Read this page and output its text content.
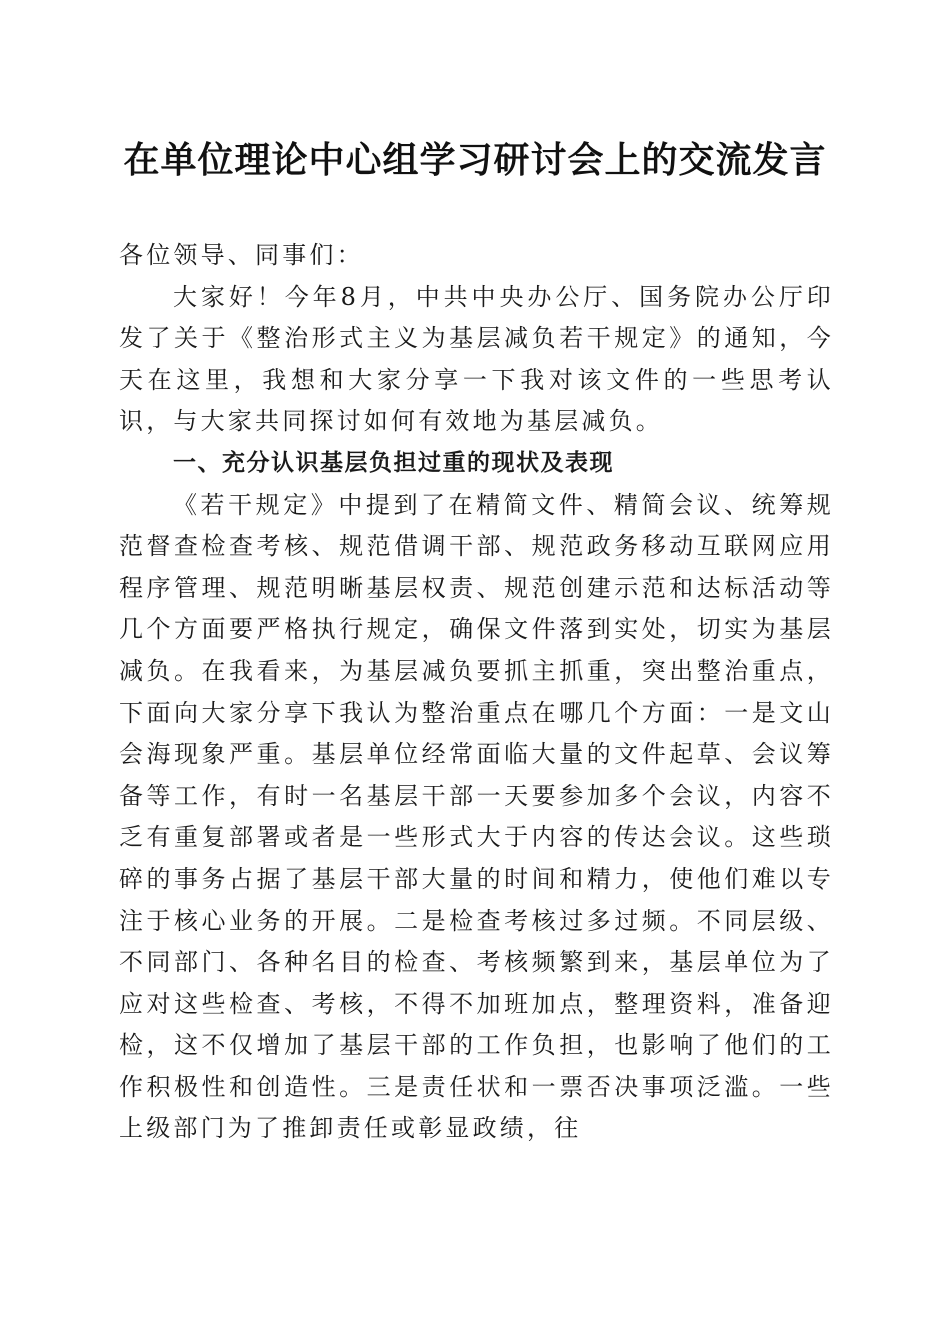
在单位理论中心组学习研讨会上的交流发言

各位领导、同事们：

大家好！今年8月，中共中央办公厅、国务院办公厅印发了关于《整治形式主义为基层减负若干规定》的通知，今天在这里，我想和大家分享一下我对该文件的一些思考认识，与大家共同探讨如何有效地为基层减负。

一、充分认识基层负担过重的现状及表现

《若干规定》中提到了在精简文件、精简会议、统筹规范督查检查考核、规范借调干部、规范政务移动互联网应用程序管理、规范明晰基层权责、规范创建示范和达标活动等几个方面要严格执行规定，确保文件落到实处，切实为基层减负。在我看来，为基层减负要抓主抓重，突出整治重点，下面向大家分享下我认为整治重点在哪几个方面：一是文山会海现象严重。基层单位经常面临大量的文件起草、会议筹备等工作，有时一名基层干部一天要参加多个会议，内容不乏有重复部署或者是一些形式大于内容的传达会议。这些琐碎的事务占据了基层干部大量的时间和精力，使他们难以专注于核心业务的开展。二是检查考核过多过频。不同层级、不同部门、各种名目的检查、考核频繁到来，基层单位为了应对这些检查、考核，不得不加班加点，整理资料，准备迎检，这不仅增加了基层干部的工作负担，也影响了他们的工作积极性和创造性。三是责任状和一票否决事项泛滥。一些上级部门为了推卸责任或彰显政绩，往
